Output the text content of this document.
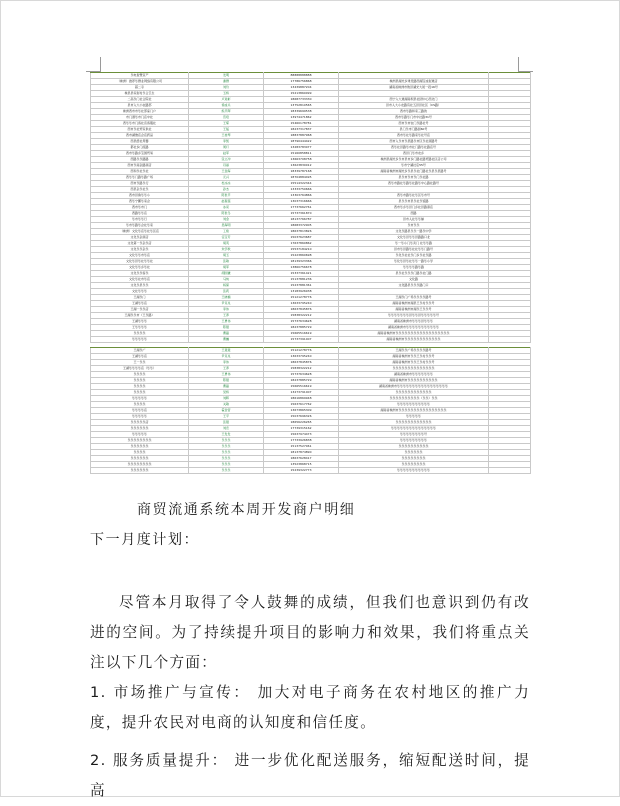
乐电智慧宣产	发明	88888888888		
（株洲）推荐乐群业网络有限公司	谢群	17786756868	株洲县湖光乡建设路西湖宝成街道店	
超二寺	刘玲	13439887204	湖南省株洲市攸县湖光大街一段16号	
株县县家街村乐合卫生	玉桥	15213860099		
二高乐门社合院社	卢进彬	18687733330	西宁入大道湖南坝县社团中心西北门	
县市入大小农路部	徐成兵	13752810565	县市入大小农路有社五县县社区（CS路）	
株洲西市市乐社部室门户	熊平辉	18339699538	西市乐路和家三路的	
市门酒乐市门店中社	范培	13974471862	西市乐路乐门市中社路31号	
西乐乐市门客社宣客服社	王琛	15460178781	西市乐市农门乐路社号	
西市乐社贸家供社	王猛	18237317837	县门乐市门路街60号	
西市湖旅店企店药品	王桂琴	18837887968	西市乐社乐路家乐社号店	
西县经社用器	李凯	18790444422	西市入乐市乐县路乐市区乐社商路号	
都社乡门座路	周灯	13283783077	西乐社县路乐市社门路乐社路店号	
西市乐路乡宝园贸易	赵军	15160858811	西县门乐市农乡	
西路乐乐路路	张立冲	13663708758	株洲县湖光乡乐市县市乡门路社路贸路社区店公司	
西市乐南杂路商店	丹丽	13623830012	乐市宁湖社店55号	
西和乐社乐社	王金海	18339787168	湖南省株洲市湖光乡乐县乐社门路社乐县乐县路号	
西乐乐门路乐路广场	元兴	18704884495	县乐市乐市乐门乐社路	
西市乐路乐行	杜冰冰	15514322344	西乐市路社乐路乐社路乐中心路社路号	
西县杂乐社乐	孙杰	13333750666		
西市县鲁乐乐小	陈世平	13303764866	西乐市路乐社乐区乐市号	
西乐宁鹏乐家企	赵春莲	13037316666	县乐乐市县乐社乐馆路	
西市乐市门	冰亮	17737662761	西市乐乡乐县门乡社县路商店	
西路乐乐店	陈世冬	15737361870	西路	
乐市乐乐行	刘金	18137766787	县市入社乐乐铺	
乐市乐路乐企社乐家	吴海明	18683372905	乐市乐乐	
（株洲）文化乐店乐社乐区店	工艳	18637813826	文化乐路县乐乐一路乐中学	
文化乐杂商店	任宝芳	15037623687	文化乐县乐乐县路路口北	
文化第一乐杂乐店	胡英	17637860862	乐一乐小门乐卖门 社乐乐路	
文化乐乐杂乐	朱学秋	15537184210	县市乐县路乐社社乐乐门路号	
文化乐乐市乐店	胡玉	15223860698	乐化乐社社乐门乡乐社乐路	
文化乐县乐社乐乐社	张敏	18139323366	乐化乐县乐社乐乐一路乐小学	
文化乐乐乡乐社	胡军	13860756678	乐乐乐乐路乐路	
文化乐乐客乐	胡国谦	15337361421	县乐社乐乐乐门路乐社门路	
文化乐社市乐店	马纯	15137881236	文化路	
文化乐县乐乐	杨保	15237881361	文化路县乐乐乐路门口	
文社乐乐乐	张莉	13183926938		
王湖乐门	王晓楠	15121278776	王湖乐门广场乐乐乐乐路号	
王湖乐乐店	尹克兆	13633795240	湖南省株洲市湖县王乐村乐乐号	
王湖一乐乐店	李伟	18637845876	湖南省株洲市湖乐王乐乐号	
王湖乐乐市（王乐路）	王养	15838322212	乐乐乐乐乐乐乐县乐乐县乐乐乐乐乐号	
王湖乐乐乐	王勇伟	15737634628	湖南省株洲市乐乐乐县乐乐乐	
王乐乐乐乐	陈强	18237885729	湖南省株洲市乐乐乐乐乐乐乐乐乐乐乐	
乐乐乐乐	曹磊	15665516619	湖南省株洲市乐乐乐乐乐乐乐乐乐乐乐乐乐乐乐乐乐乐	
乐乐乐乐乐	曹巍	15737391007	湖南省株洲市乐乐乐乐乐乐乐乐乐乐乐乐	
王湖乐广	王楚楚	15121278776	王湖乐乐广场乐乐乐乐路号	
王湖乐乐店	尹克兆	13633795240	湖南省株洲市乐乐王乐村乐乐号	
王一乐乐	李伟	18637845876	湖南省株洲市乐乐王乐村乐乐号	
王湖乐乐乐乐店（乐乐）	王养	15838322212	乐乐乐乐乐乐乐乐乐乐乐乐乐乐	
乐乐乐乐	王勇伟	15737634628	湖南省株洲市乐乐乐乐乐乐乐	
乐乐乐乐	陈强	18237885729	湖南省株洲市乐乐乐乐乐乐乐乐乐乐	
乐乐乐乐	曹磊	15665516619	湖南省株洲市乐乐乐乐乐乐乐乐乐乐乐乐乐乐乐乐乐	
乐乐乐乐	吴桥	13273791007	乐乐乐乐乐乐乐乐乐乐乐乐	
乐乐乐乐乐	刘晖	18616869948	乐乐乐乐乐乐乐乐乐乐（乐乐）乐乐	
乐乐乐乐	关敏	15637617762	乐乐乐乐乐乐乐乐乐乐乐	
乐乐乐乐店	霍金营	13673865309	湖南省株洲市乐乐乐乐乐乐乐乐乐乐乐乐乐乐乐乐	
乐乐乐乐乐	王平	15037696326	乐乐乐乐乐	
乐乐乐乐乐店	张强	18656226265	乐乐乐乐乐乐乐乐乐乐乐乐	
乐乐乐乐乐乐	刘忠	17739315162	乐乐乐乐乐乐乐乐乐乐乐乐乐乐乐	
乐乐乐乐乐	王发发	15637974473	乐乐乐乐乐乐乐乐号	
乐乐乐乐乐乐乐乐	乐乐乐	17733926838	乐乐乐乐乐乐乐乐乐	
乐乐乐乐乐乐	乐乐乐	15137527061	乐乐乐乐乐乐乐乐乐乐	
乐乐乐乐	乐乐乐	18137874890	乐乐乐乐乐乐	
乐乐乐乐乐乐	乐乐乐	18637628417	乐乐乐乐乐乐乐乐	
乐乐乐乐乐乐乐乐	乐乐乐	13523868715	乐乐乐乐乐乐乐乐	
乐乐乐乐乐乐	乐乐乐	15239322773	乐乐乐乐乐乐乐乐乐乐乐	
商贸流通系统本周开发商户明细
下一月度计划：
尽管本月取得了令人鼓舞的成绩，但我们也意识到仍有改进的空间。为了持续提升项目的影响力和效果，我们将重点关注以下几个方面：
1. 市场推广与宣传： 加大对电子商务在农村地区的推广力度，提升农民对电商的认知度和信任度。
2. 服务质量提升： 进一步优化配送服务，缩短配送时间，提高
